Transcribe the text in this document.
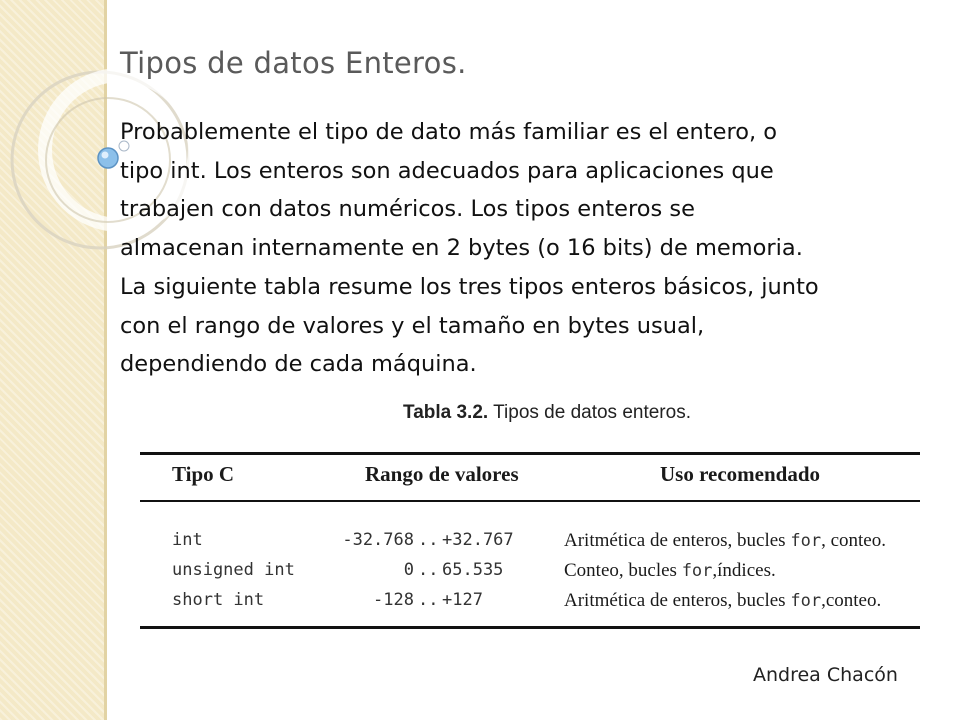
Tipos de datos Enteros.
Probablemente el tipo de dato más familiar es el entero, o
tipo int. Los enteros son adecuados para aplicaciones que
trabajen con datos numéricos. Los tipos enteros se
almacenan internamente en 2 bytes (o 16 bits) de memoria.
La siguiente tabla resume los tres tipos enteros básicos, junto
con el rango de valores y el tamaño en bytes usual,
dependiendo de cada máquina.
Tabla 3.2. Tipos de datos enteros.
Tipo C	Rango de valores	Uso recomendado
int	-32.768 .. +32.767	Aritmética de enteros, bucles for, conteo.
unsigned int	0 .. 65.535	Conteo, bucles for,índices.
short int	-128 .. +127	Aritmética de enteros, bucles for,conteo.
Andrea Chacón
